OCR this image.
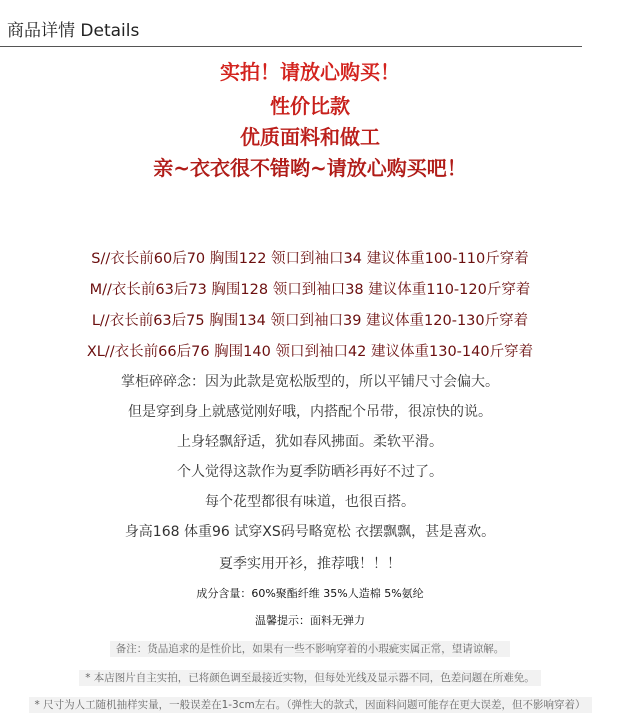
商品详情 Details
实拍！请放心购买！
性价比款
优质面料和做工
亲~衣衣很不错哟~请放心购买吧！
S//衣长前60后70 胸围122 领口到袖口34 建议体重100-110斤穿着
M//衣长前63后73 胸围128 领口到袖口38 建议体重110-120斤穿着
L//衣长前63后75 胸围134 领口到袖口39 建议体重120-130斤穿着
XL//衣长前66后76 胸围140 领口到袖口42 建议体重130-140斤穿着
掌柜碎碎念：因为此款是宽松版型的，所以平铺尺寸会偏大。
但是穿到身上就感觉刚好哦，内搭配个吊带，很凉快的说。
上身轻飘舒适，犹如春风拂面。柔软平滑。
个人觉得这款作为夏季防晒衫再好不过了。
每个花型都很有味道，也很百搭。
身高168 体重96 试穿XS码号略宽松 衣摆飘飘，甚是喜欢。
夏季实用开衫，推荐哦！！！
成分含量：60%聚酯纤维 35%人造棉 5%氨纶
温馨提示：面料无弹力
备注：货品追求的是性价比，如果有一些不影响穿着的小瑕疵实属正常，望请谅解。
* 本店图片自主实拍，已将颜色调至最接近实物，但每处光线及显示器不同，色差问题在所难免。
* 尺寸为人工随机抽样实量，一般误差在1-3cm左右。（弹性大的款式，因面料问题可能存在更大误差，但不影响穿着）
